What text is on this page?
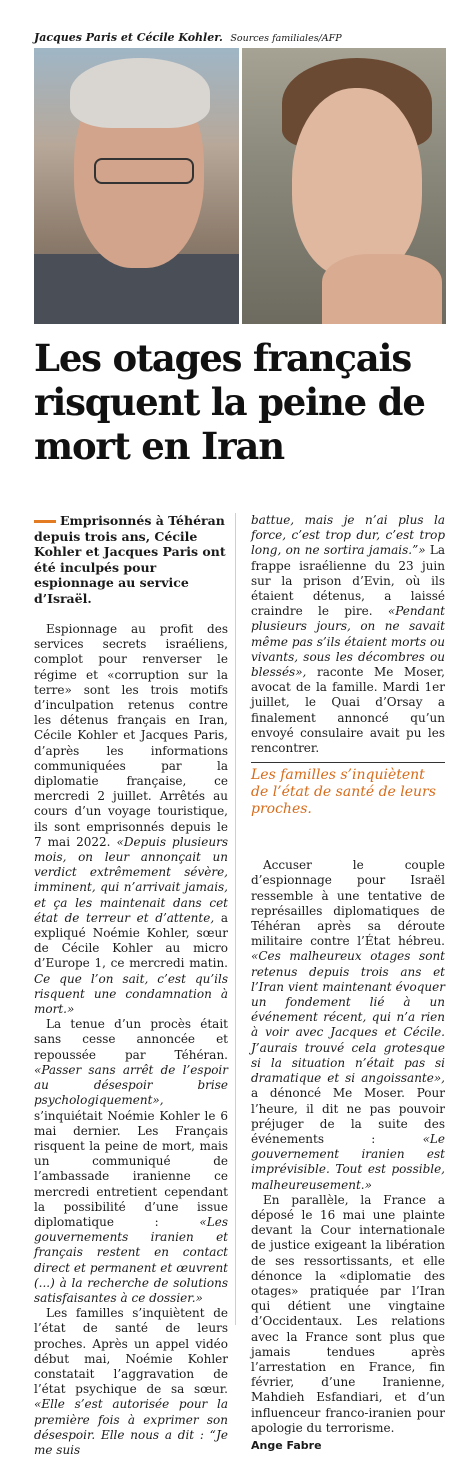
Jacques Paris et Cécile Kohler. Sources familiales/AFP
Les otages français risquent la peine de mort en Iran
Emprisonnés à Téhéran depuis trois ans, Cécile Kohler et Jacques Paris ont été inculpés pour espionnage au service d’Israël.

Espionnage au profit des services secrets israéliens, complot pour renverser le régime et «corruption sur la terre» sont les trois motifs d’inculpation retenus contre les détenus français en Iran, Cécile Kohler et Jacques Paris, d’après les informations communiquées par la diplomatie française, ce mercredi 2 juillet. Arrêtés au cours d’un voyage touristique, ils sont emprisonnés depuis le 7 mai 2022. «Depuis plusieurs mois, on leur annonçait un verdict extrêmement sévère, imminent, qui n’arrivait jamais, et ça les maintenait dans cet état de terreur et d’attente, a expliqué Noémie Kohler, sœur de Cécile Kohler au micro d’Europe 1, ce mercredi matin. Ce que l’on sait, c’est qu’ils risquent une condamnation à mort.»

La tenue d’un procès était sans cesse annoncée et repoussée par Téhéran. «Passer sans arrêt de l’espoir au désespoir brise psychologiquement», s’inquiétait Noémie Kohler le 6 mai dernier. Les Français risquent la peine de mort, mais un communiqué de l’ambassade iranienne ce mercredi entretient cependant la possibilité d’une issue diplomatique :	«Les gouvernements iranien et français restent en contact direct et permanent et œuvrent (...) à la recherche de solutions satisfaisantes à ce dossier.»

Les familles s’inquiètent de l’état de santé de leurs proches. Après un appel vidéo début mai, Noémie Kohler constatait l’aggravation de l’état psychique de sa sœur. «Elle s’est autorisée pour la première fois à exprimer son désespoir. Elle nous a dit : “Je me suis

battue, mais je n’ai plus la force, c’est trop dur, c’est trop long, on ne sortira jamais.”» La frappe israélienne du 23 juin sur la prison d’Evin, où ils étaient détenus, a laissé craindre le pire. «Pendant plusieurs jours, on ne savait même pas s’ils étaient morts ou vivants, sous les décombres ou blessés», raconte Me Moser, avocat de la famille. Mardi 1er juillet, le Quai d’Orsay a finalement annoncé qu’un envoyé consulaire avait pu les rencontrer.

Les familles s’inquiètent de l’état de santé de leurs proches.

Accuser le couple d’espionnage pour Israël ressemble à une tentative de représailles diplomatiques de Téhéran après sa déroute militaire contre l’État hébreu. «Ces malheureux otages sont retenus depuis trois ans et l’Iran vient maintenant évoquer un fondement lié à un événement récent, qui n’a rien à voir avec Jacques et Cécile. J’aurais trouvé cela grotesque si la situation n’était pas si dramatique et si angoissante», a dénoncé Me Moser. Pour l’heure, il dit ne pas pouvoir préjuger de la suite des événements :	«Le gouvernement iranien est imprévisible. Tout est possible, malheureusement.»

En parallèle, la France a déposé le 16 mai une plainte devant la Cour internationale de justice exigeant la libération de ses ressortissants, et elle dénonce la «diplomatie des otages» pratiquée par l’Iran qui détient une vingtaine d’Occidentaux. Les relations avec la France sont plus que jamais tendues après l’arrestation en France, fin février, d’une Iranienne, Mahdieh Esfandiari, et d’un influenceur franco-iranien pour apologie du terrorisme.

Ange Fabre
